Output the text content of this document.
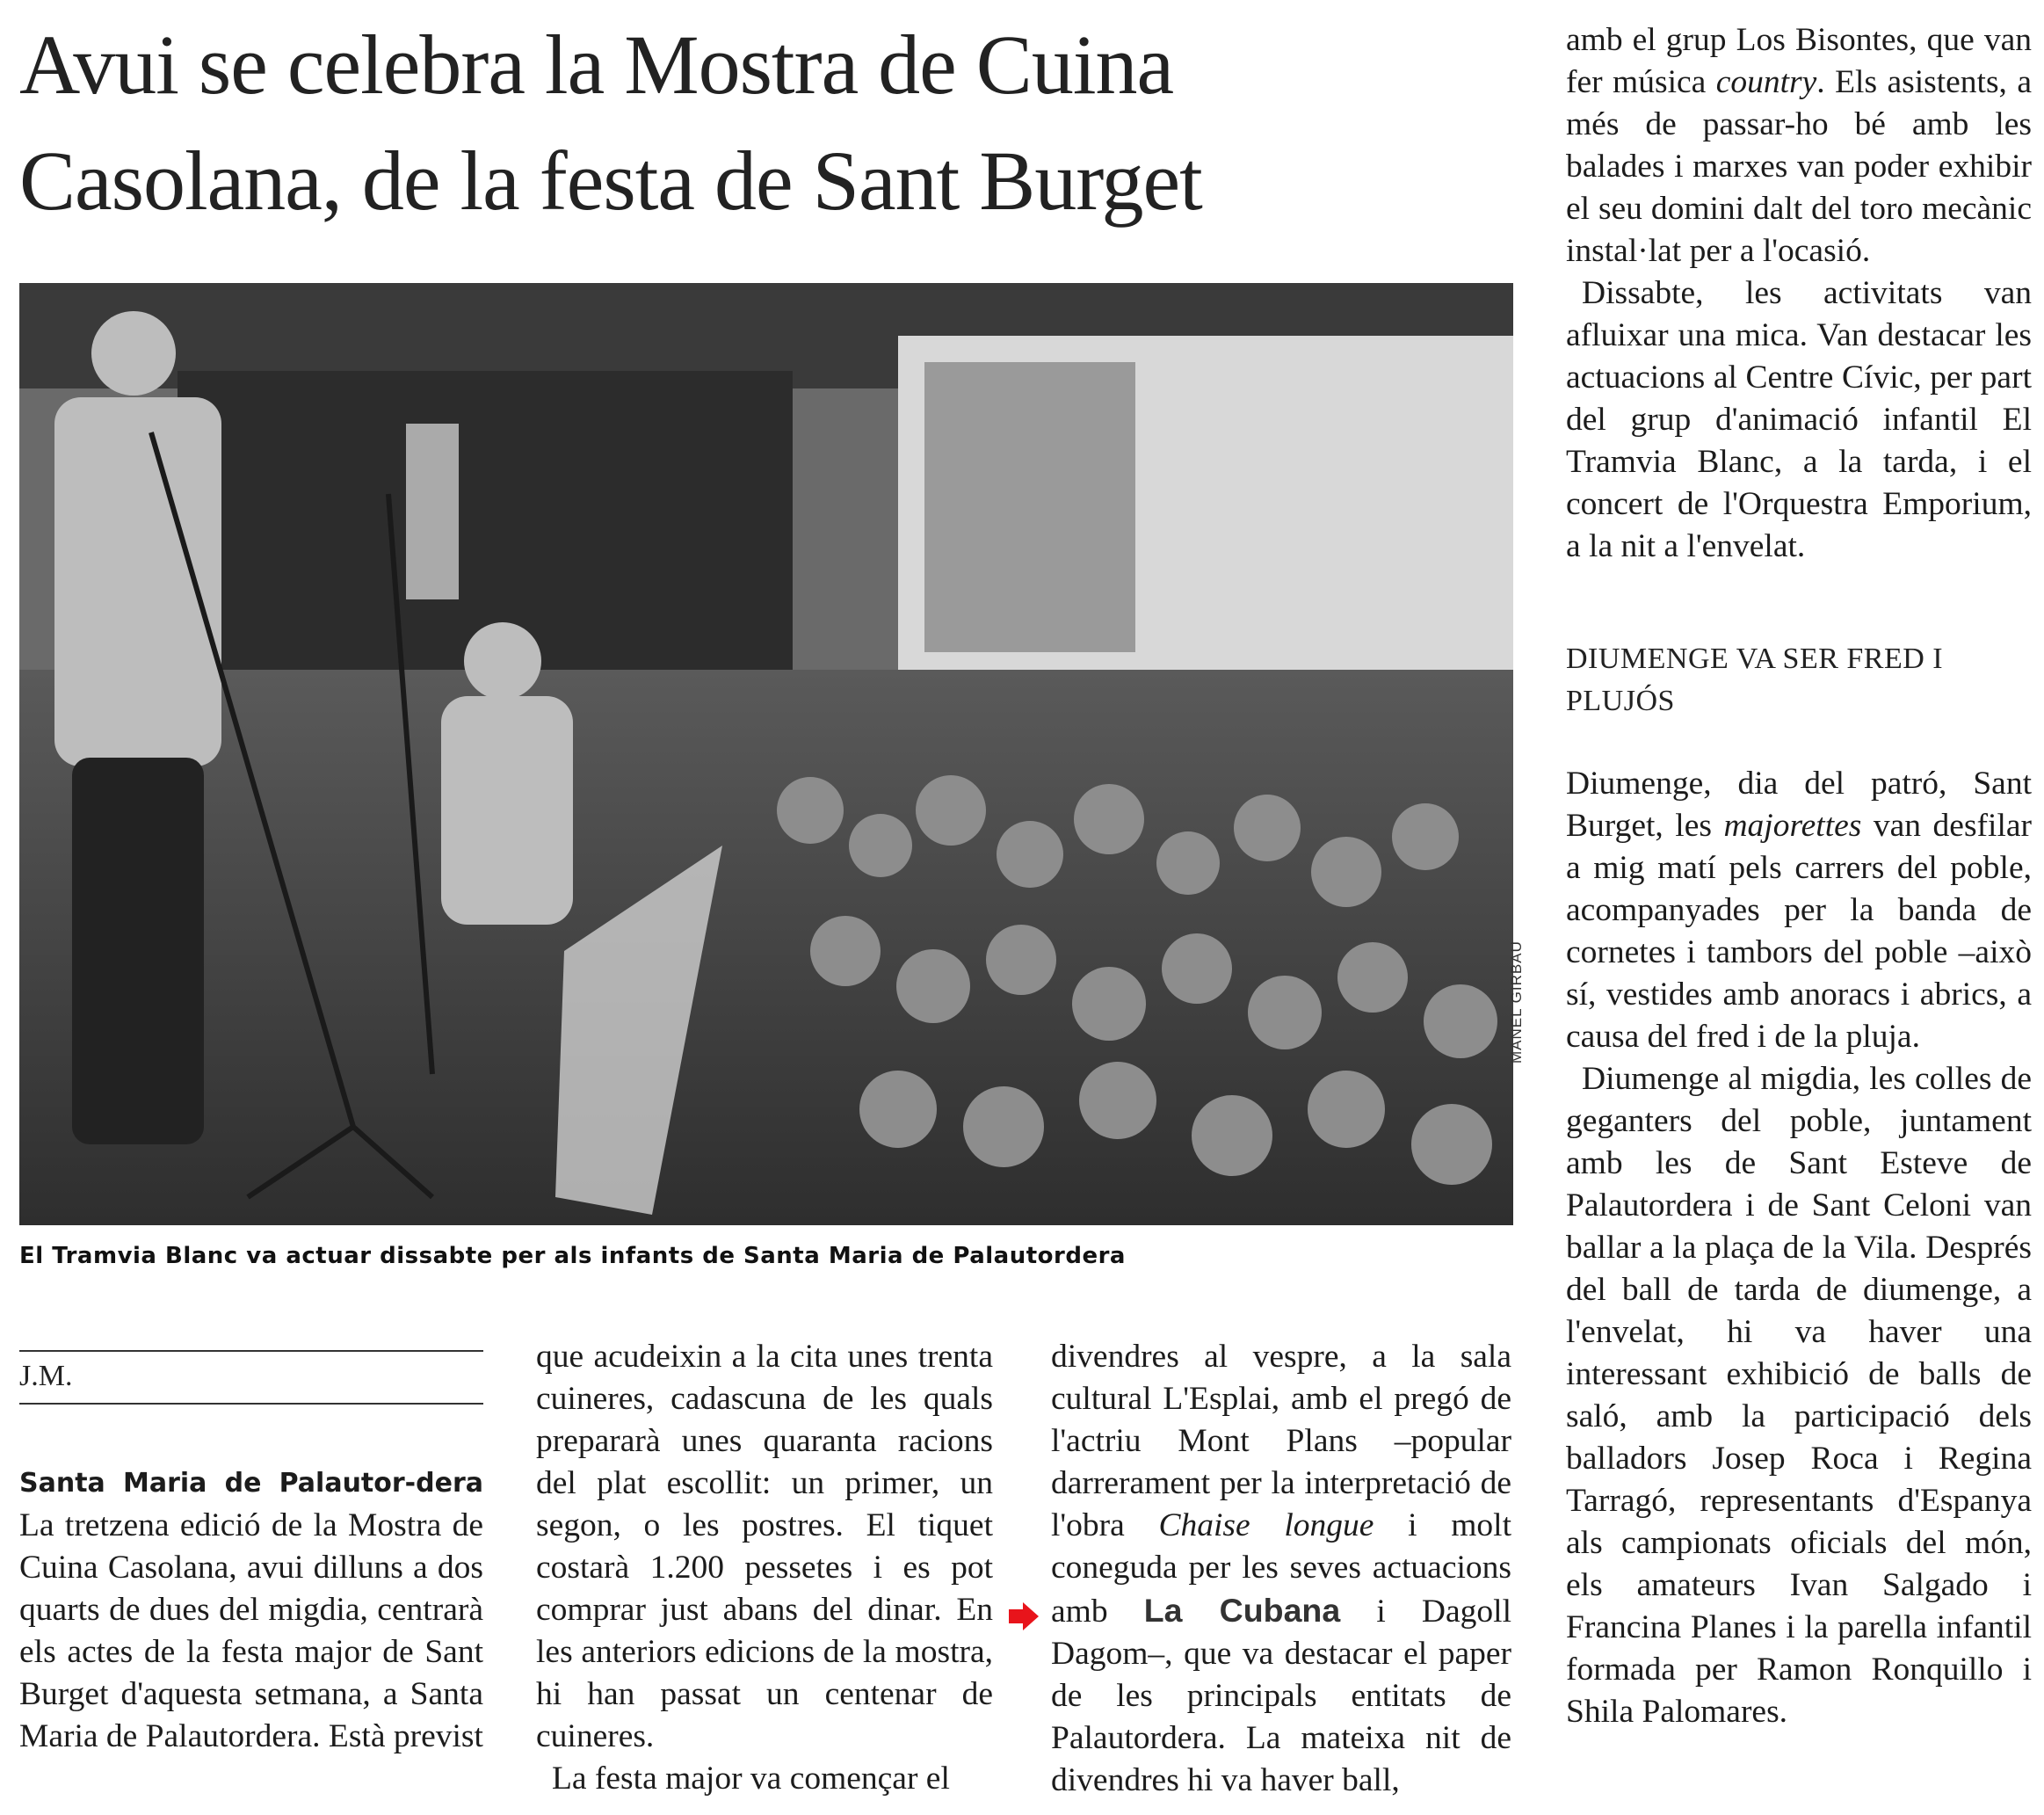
Avui se celebra la Mostra de Cuina
Casolana, de la festa de Sant Burget
MANEL GIRBAU
El Tramvia Blanc va actuar dissabte per als infants de Santa Maria de Palautordera
J.M.

Santa Maria de Palautor-dera La tretzena edició de la Mostra de Cuina Casolana, avui dilluns a dos quarts de dues del migdia, centrarà els actes de la festa major de Sant Burget d'aquesta setmana, a Santa Maria de Palautordera. Està previst

que acudeixin a la cita unes trenta cuineres, cadascuna de les quals prepararà unes quaranta racions del plat escollit: un primer, un segon, o les postres. El tiquet costarà 1.200 pessetes i es pot comprar just abans del dinar. En les anteriors edicions de la mostra, hi han passat un centenar de cuineres.

La festa major va començar el

divendres al vespre, a la sala cultural L'Esplai, amb el pregó de l'actriu Mont Plans –popular darrerament per la interpretació de l'obra Chaise longue i molt coneguda per les seves actuacions amb La Cubana i Dagoll Dagom–, que va destacar el paper de les principals entitats de Palautordera. La mateixa nit de divendres hi va haver ball,

amb el grup Los Bisontes, que van fer música country. Els asistents, a més de passar-ho bé amb les balades i marxes van poder exhibir el seu domini dalt del toro mecànic instal·lat per a l'ocasió.

Dissabte, les activitats van afluixar una mica. Van destacar les actuacions al Centre Cívic, per part del grup d'animació infantil El Tramvia Blanc, a la tarda, i el concert de l'Orquestra Emporium, a la nit a l'envelat.

DIUMENGE VA SER FRED I PLUJÓS

Diumenge, dia del patró, Sant Burget, les majorettes van desfilar a mig matí pels carrers del poble, acompanyades per la banda de cornetes i tambors del poble –això sí, vestides amb anoracs i abrics, a causa del fred i de la pluja.

Diumenge al migdia, les colles de geganters del poble, juntament amb les de Sant Esteve de Palautordera i de Sant Celoni van ballar a la plaça de la Vila. Després del ball de tarda de diumenge, a l'envelat, hi va haver una interessant exhibició de balls de saló, amb la participació dels balladors Josep Roca i Regina Tarragó, representants d'Espanya als campionats oficials del món, els amateurs Ivan Salgado i Francina Planes i la parella infantil formada per Ramon Ronquillo i Shila Palomares.
